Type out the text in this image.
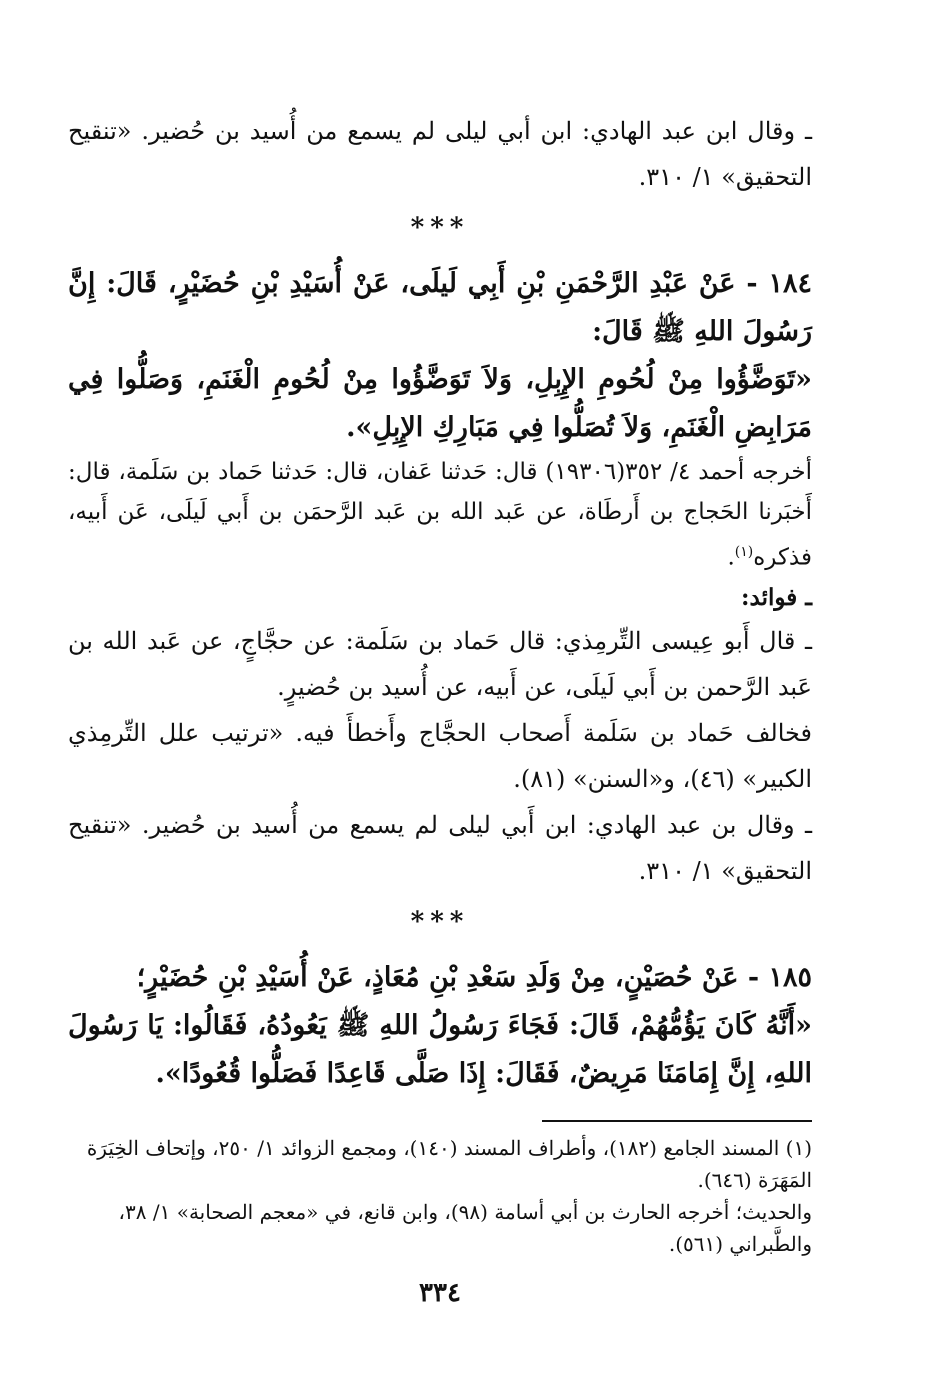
ـ وقال ابن عبد الهادي: ابن أبي ليلى لم يسمع من أُسيد بن حُضير. «تنقيح التحقيق» ١/ ٣١٠.

***

١٨٤ - عَنْ عَبْدِ الرَّحْمَنِ بْنِ أَبِي لَيلَى، عَنْ أُسَيْدِ بْنِ حُضَيْرٍ، قَالَ: إِنَّ رَسُولَ اللهِ ﷺ قَالَ:

«تَوَضَّؤُوا مِنْ لُحُومِ الإِبِلِ، وَلاَ تَوَضَّؤُوا مِنْ لُحُومِ الْغَنَمِ، وَصَلُّوا فِي مَرَابِضِ الْغَنَمِ، وَلاَ تُصَلُّوا فِي مَبَارِكِ الإِبِلِ».

أخرجه أحمد ٤/ ٣٥٢(١٩٣٠٦) قال: حَدثنا عَفان، قال: حَدثنا حَماد بن سَلَمة، قال: أَخبَرنا الحَجاج بن أَرطَاة، عن عَبد الله بن عَبد الرَّحمَن بن أَبي لَيلَى، عَن أَبيه، فذكره$^{(١)}$.

ـ فوائد:

ـ قال أَبو عِيسى التِّرمِذي: قال حَماد بن سَلَمة: عن حجَّاجٍ، عن عَبد الله بن عَبد الرَّحمن بن أَبي لَيلَى، عن أَبيه، عن أُسيد بن حُضيرٍ.

فخالف حَماد بن سَلَمة أَصحاب الحجَّاج وأَخطأَ فيه. «ترتيب علل التِّرمِذي الكبير» (٤٦)، و«السنن» (٨١).

ـ وقال بن عبد الهادي: ابن أَبي ليلى لم يسمع من أُسيد بن حُضير. «تنقيح التحقيق» ١/ ٣١٠.

***

١٨٥ - عَنْ حُصَيْنٍ، مِنْ وَلَدِ سَعْدِ بْنِ مُعَاذٍ، عَنْ أُسَيْدِ بْنِ حُضَيْرٍ؛

«أَنَّهُ كَانَ يَؤُمُّهُمْ، قَالَ: فَجَاءَ رَسُولُ اللهِ ﷺ يَعُودُهُ، فَقَالُوا: يَا رَسُولَ اللهِ، إِنَّ إِمَامَنَا مَرِيضٌ، فَقَالَ: إِذَا صَلَّى قَاعِدًا فَصَلُّوا قُعُودًا».

(١) المسند الجامع (١٨٢)، وأطراف المسند (١٤٠)، ومجمع الزوائد ١/ ٢٥٠، وإتحاف الخِيَرَة المَهَرَة (٦٤٦).

والحديث؛ أخرجه الحارث بن أبي أسامة (٩٨)، وابن قانع، في «معجم الصحابة» ١/ ٣٨، والطَّبراني (٥٦١).

٣٣٤
